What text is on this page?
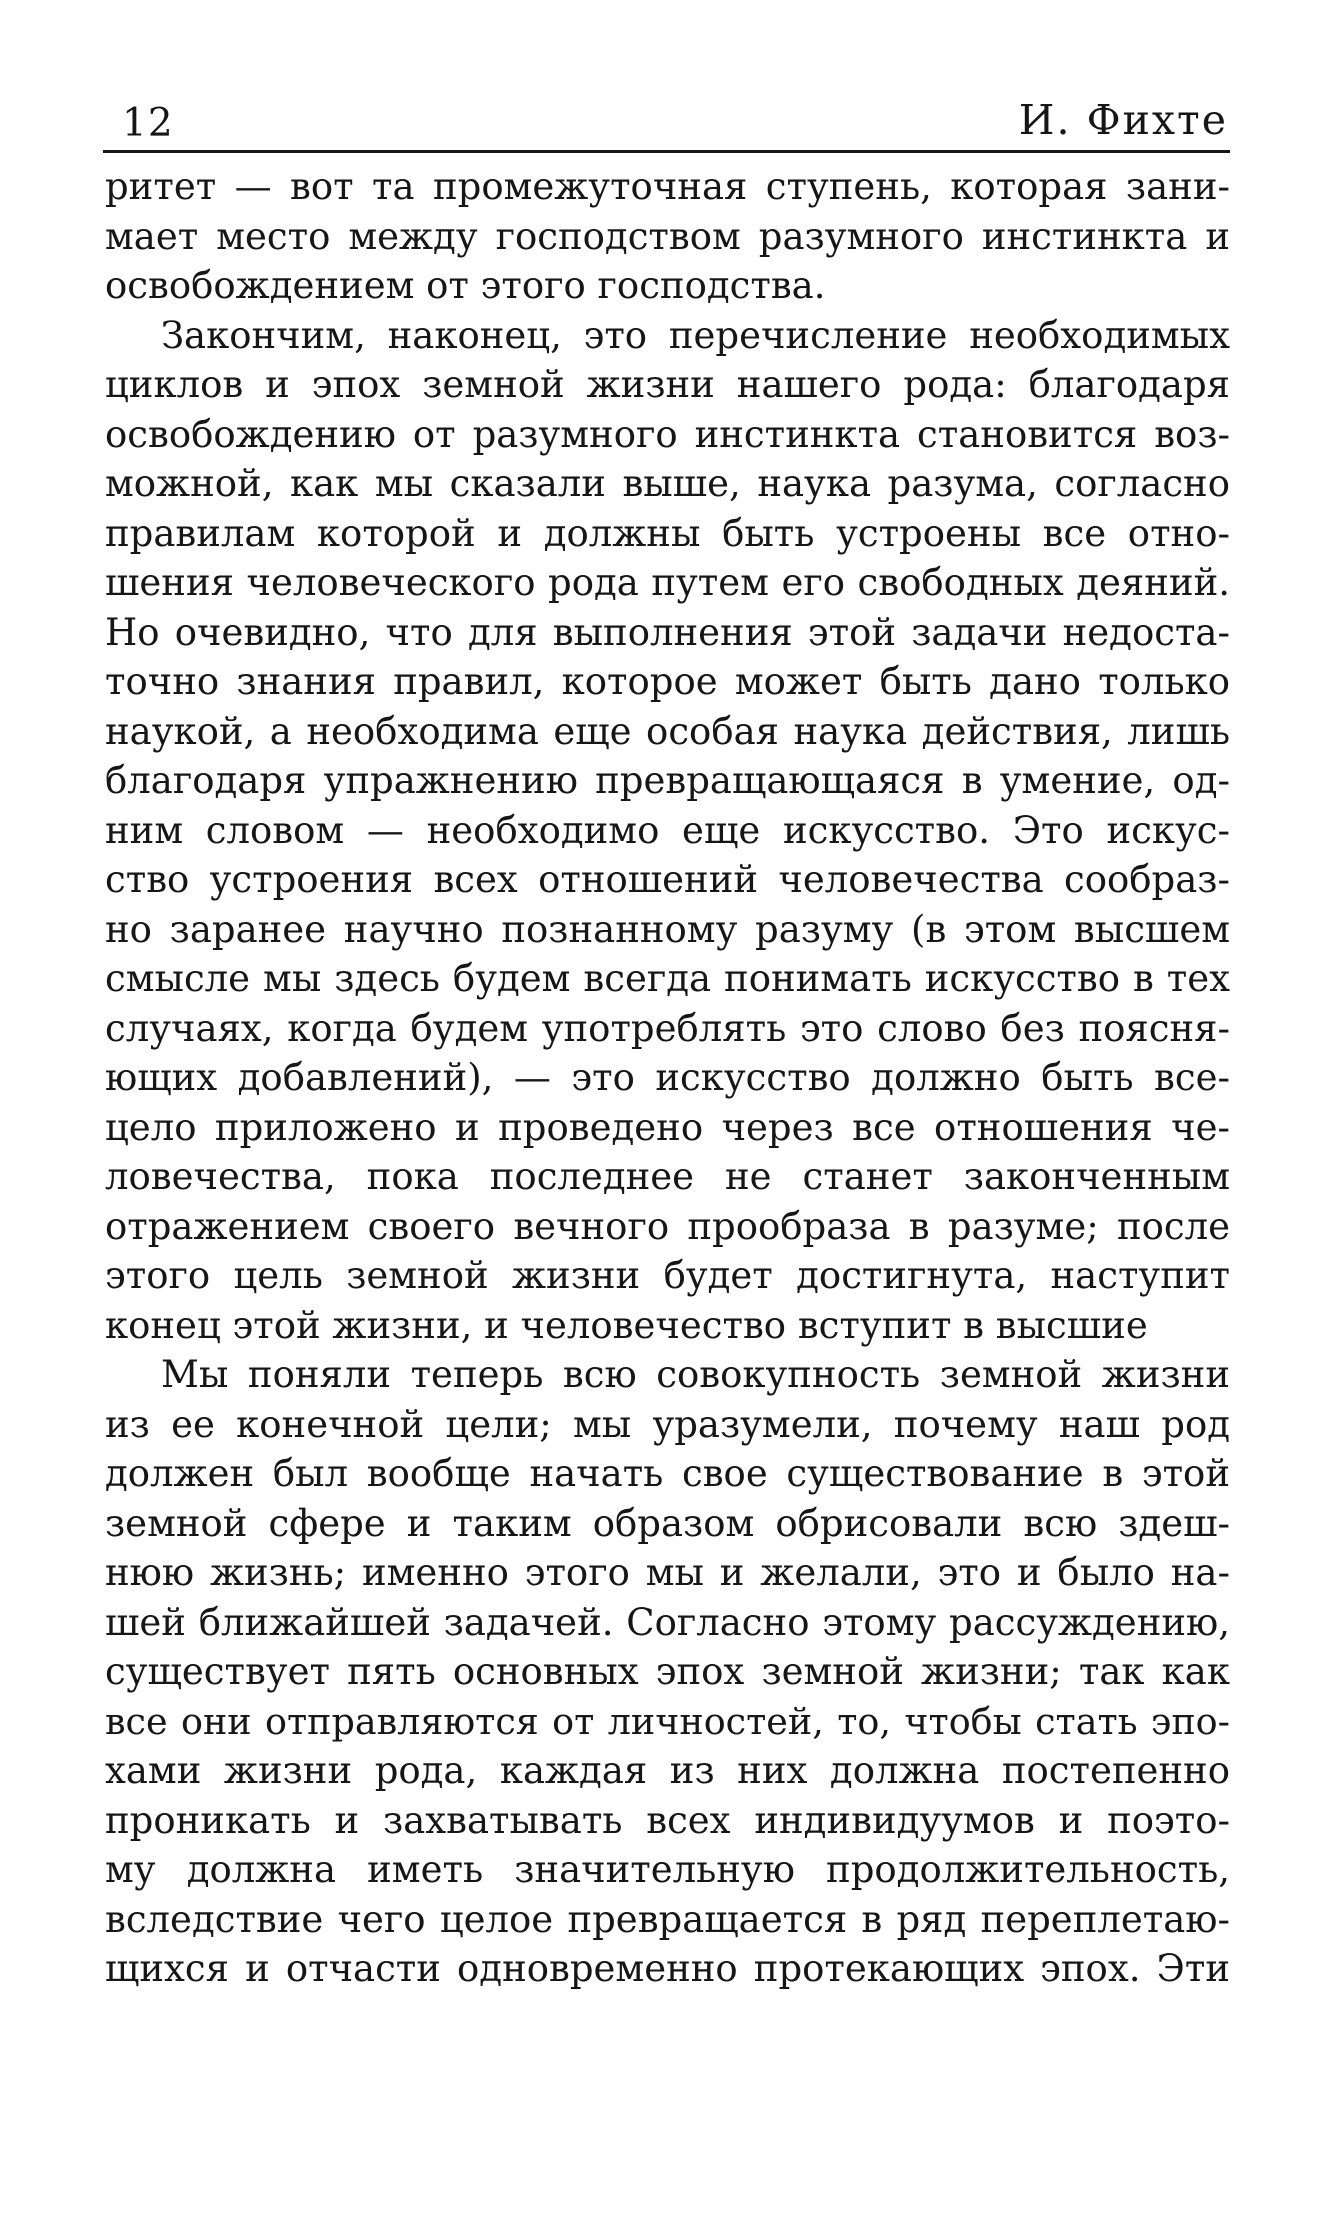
12	И. Фихте
ритет — вот та промежуточная ступень, которая зани-
мает место между господством разумного инстинкта и
освобождением от этого господства.
Закончим, наконец, это перечисление необходимых
циклов и эпох земной жизни нашего рода: благодаря
освобождению от разумного инстинкта становится воз-
можной, как мы сказали выше, наука разума, согласно
правилам которой и должны быть устроены все отно-
шения человеческого рода путем его свободных деяний.
Но очевидно, что для выполнения этой задачи недоста-
точно знания правил, которое может быть дано только
наукой, а необходима еще особая наука действия, лишь
благодаря упражнению превращающаяся в умение, од-
ним словом — необходимо еще искусство. Это искус-
ство устроения всех отношений человечества сообраз-
но заранее научно познанному разуму (в этом высшем
смысле мы здесь будем всегда понимать искусство в тех
случаях, когда будем употреблять это слово без поясня-
ющих добавлений), — это искусство должно быть все-
цело приложено и проведено через все отношения че-
ловечества, пока последнее не станет законченным
отражением своего вечного прообраза в разуме; после
этого цель земной жизни будет достигнута, наступит
конец этой жизни, и человечество вступит в высшие
Мы поняли теперь всю совокупность земной жизни
из ее конечной цели; мы уразумели, почему наш род
должен был вообще начать свое существование в этой
земной сфере и таким образом обрисовали всю здеш-
нюю жизнь; именно этого мы и желали, это и было на-
шей ближайшей задачей. Согласно этому рассуждению,
существует пять основных эпох земной жизни; так как
все они отправляются от личностей, то, чтобы стать эпо-
хами жизни рода, каждая из них должна постепенно
проникать и захватывать всех индивидуумов и поэто-
му должна иметь значительную продолжительность,
вследствие чего целое превращается в ряд переплетаю-
щихся и отчасти одновременно протекающих эпох. Эти
